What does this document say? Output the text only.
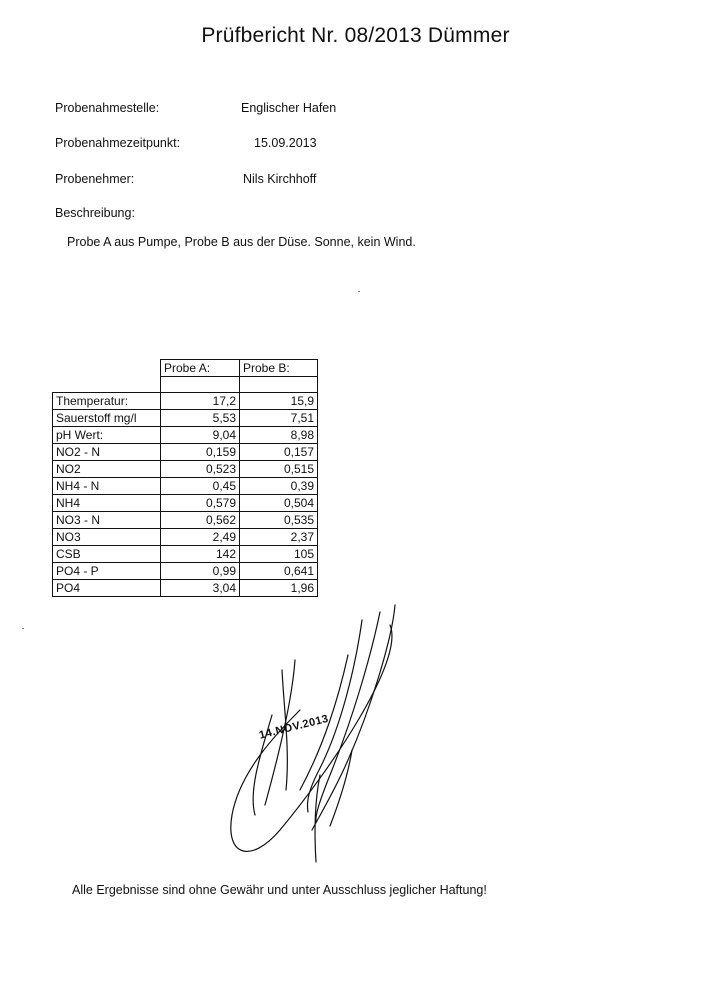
Prüfbericht Nr. 08/2013 Dümmer
Probenahmestelle:	Englischer Hafen
Probenahmezeitpunkt:	15.09.2013
Probenehmer:	Nils Kirchhoff
Beschreibung:
Probe A aus Pumpe, Probe B aus der Düse. Sonne, kein Wind.
	Probe A:	Probe B:

Themperatur:	17,2	15,9
Sauerstoff mg/l	5,53	7,51
pH Wert:	9,04	8,98
NO2 - N	0,159	0,157
NO2	0,523	0,515
NH4 - N	0,45	0,39
NH4	0,579	0,504
NO3 - N	0,562	0,535
NO3	2,49	2,37
CSB	142	105
PO4 - P	0,99	0,641
PO4	3,04	1,96
14.NOV.2013
Alle Ergebnisse sind ohne Gewähr und unter Ausschluss jeglicher Haftung!
